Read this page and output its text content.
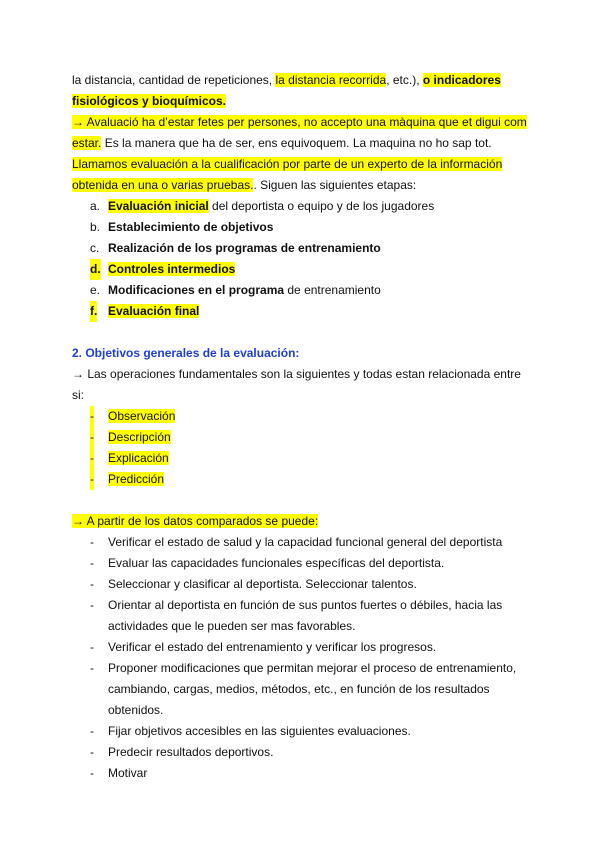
la distancia, cantidad de repeticiones, la distancia recorrida, etc.), o indicadores fisiológicos y bioquímicos.

→ Avaluació ha d’estar fetes per persones, no accepto una màquina que et digui com estar. Es la manera que ha de ser, ens equivoquem. La maquina no ho sap tot. Llamamos evaluación a la cualificación por parte de un experto de la información obtenida en una o varias pruebas.. Siguen las siguientes etapas:

a. Evaluación inicial del deportista o equipo y de los jugadores
b. Establecimiento de objetivos
c. Realización de los programas de entrenamiento
d. Controles intermedios
e. Modificaciones en el programa de entrenamiento
f. Evaluación final
2. Objetivos generales de la evaluación:

→ Las operaciones fundamentales son la siguientes y todas estan relacionada entre si:

- Observación
- Descripción
- Explicación
- Predicción

→ A partir de los datos comparados se puede:

- Verificar el estado de salud y la capacidad funcional general del deportista
- Evaluar las capacidades funcionales específicas del deportista.
- Seleccionar y clasificar al deportista. Seleccionar talentos.
- Orientar al deportista en función de sus puntos fuertes o débiles, hacia las actividades que le pueden ser mas favorables.
- Verificar el estado del entrenamiento y verificar los progresos.
- Proponer modificaciones que permitan mejorar el proceso de entrenamiento, cambiando, cargas, medios, métodos, etc., en función de los resultados obtenidos.
- Fijar objetivos accesibles en las siguientes evaluaciones.
- Predecir resultados deportivos.
- Motivar
